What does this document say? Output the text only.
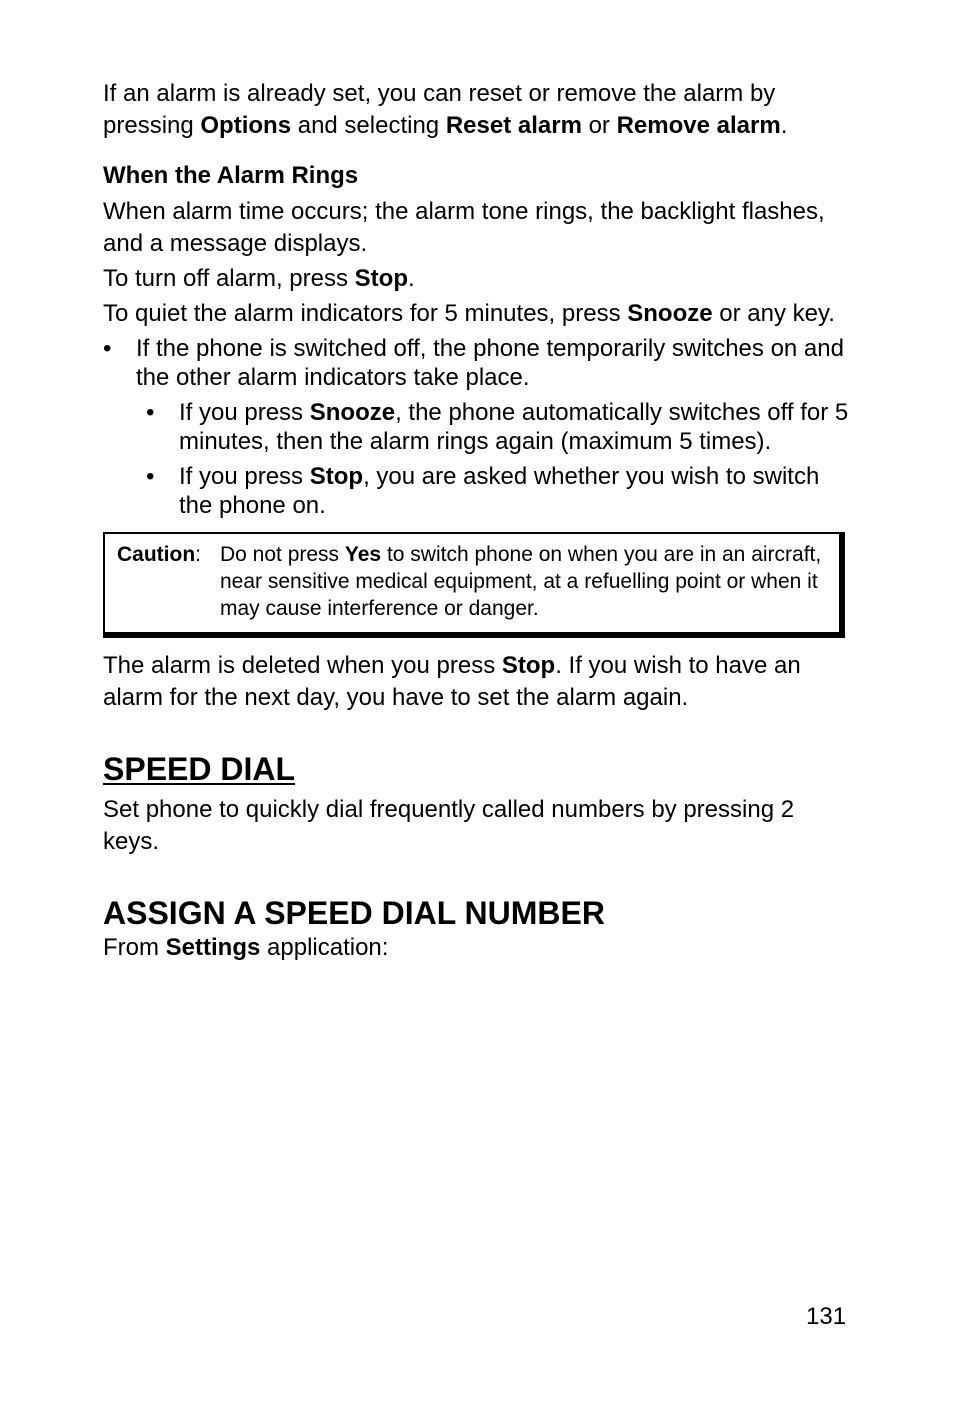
If an alarm is already set, you can reset or remove the alarm by pressing Options and selecting Reset alarm or Remove alarm.

When the Alarm Rings

When alarm time occurs; the alarm tone rings, the backlight flashes, and a message displays.

To turn off alarm, press Stop.

To quiet the alarm indicators for 5 minutes, press Snooze or any key.

• If the phone is switched off, the phone temporarily switches on and the other alarm indicators take place.
• If you press Snooze, the phone automatically switches off for 5 minutes, then the alarm rings again (maximum 5 times).
• If you press Stop, you are asked whether you wish to switch the phone on.
Caution: Do not press Yes to switch phone on when you are in an aircraft, near sensitive medical equipment, at a refuelling point or when it may cause interference or danger.

The alarm is deleted when you press Stop. If you wish to have an alarm for the next day, you have to set the alarm again.

SPEED DIAL

Set phone to quickly dial frequently called numbers by pressing 2 keys.

ASSIGN A SPEED DIAL NUMBER

From Settings application:

131
